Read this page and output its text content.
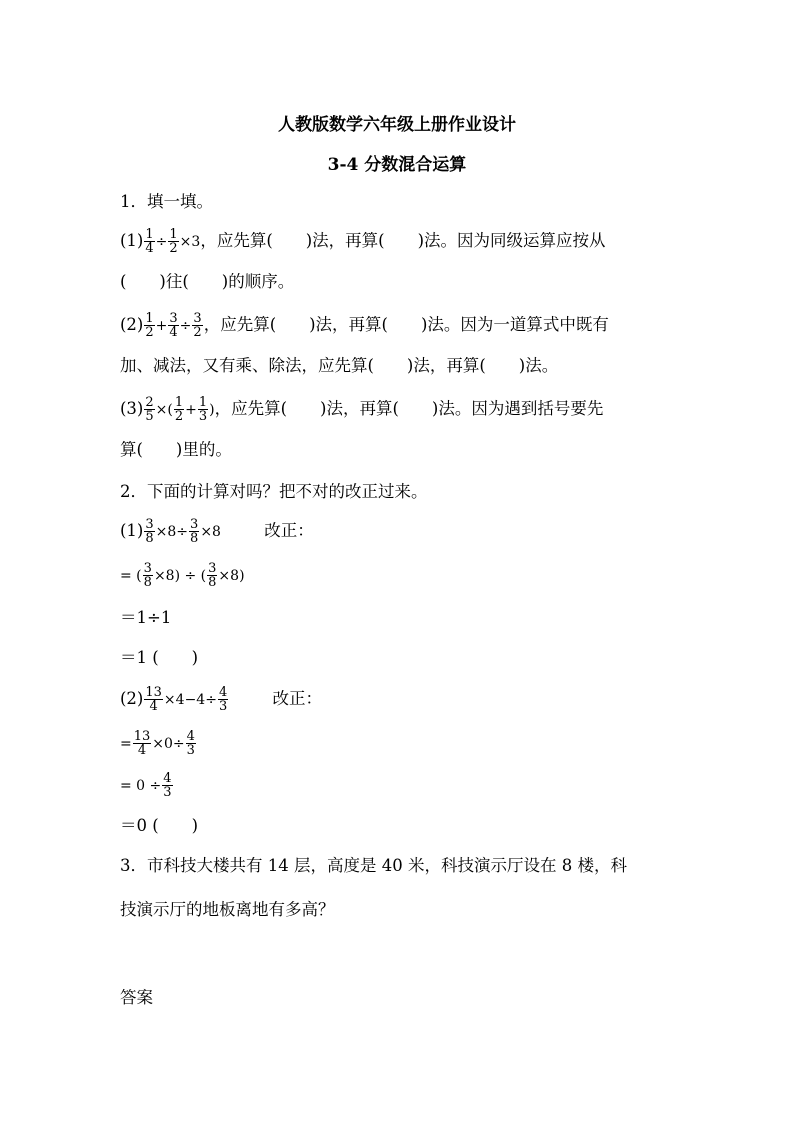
人教版数学六年级上册作业设计
3-4 分数混合运算
1．填一填。
$(1) \frac{1}{4} \div \frac{1}{2} \times 3$，应先算(　　)法，再算(　　)法。因为同级运算应按从
(　　)往(　　)的顺序。
$(2) \frac{1}{2} + \frac{3}{4} \div \frac{3}{2}$ ，应先算(　　)法，再算(　　)法。因为一道算式中既有
加、减法，又有乘、除法，应先算(　　)法，再算(　　)法。
$(3) \frac{2}{5}$ ×( $\frac{1}{2} + \frac{1}{3}$ )，应先算(　　)法，再算(　　)法。因为遇到括号要先
算(　　)里的。
2．下面的计算对吗？把不对的改正过来。
$(1) \frac{3}{8} \times 8\div \frac{3}{8} \times 8$	改正：
= ( $\frac{3}{8} \times 8$) ÷ ( $\frac{3}{8} \times 8$)
＝1÷1
＝1 (　　)
$(2) \frac{13}{4} \times 4-4\div \frac{4}{3}$	改正：
= $\frac{13}{4} \times 0\div \frac{4}{3}$
= $0 \div \frac{4}{3}$
＝0 (　　)
3．市科技大楼共有 14 层，高度是 40 米，科技演示厅设在 8 楼，科
技演示厅的地板离地有多高？
答案
